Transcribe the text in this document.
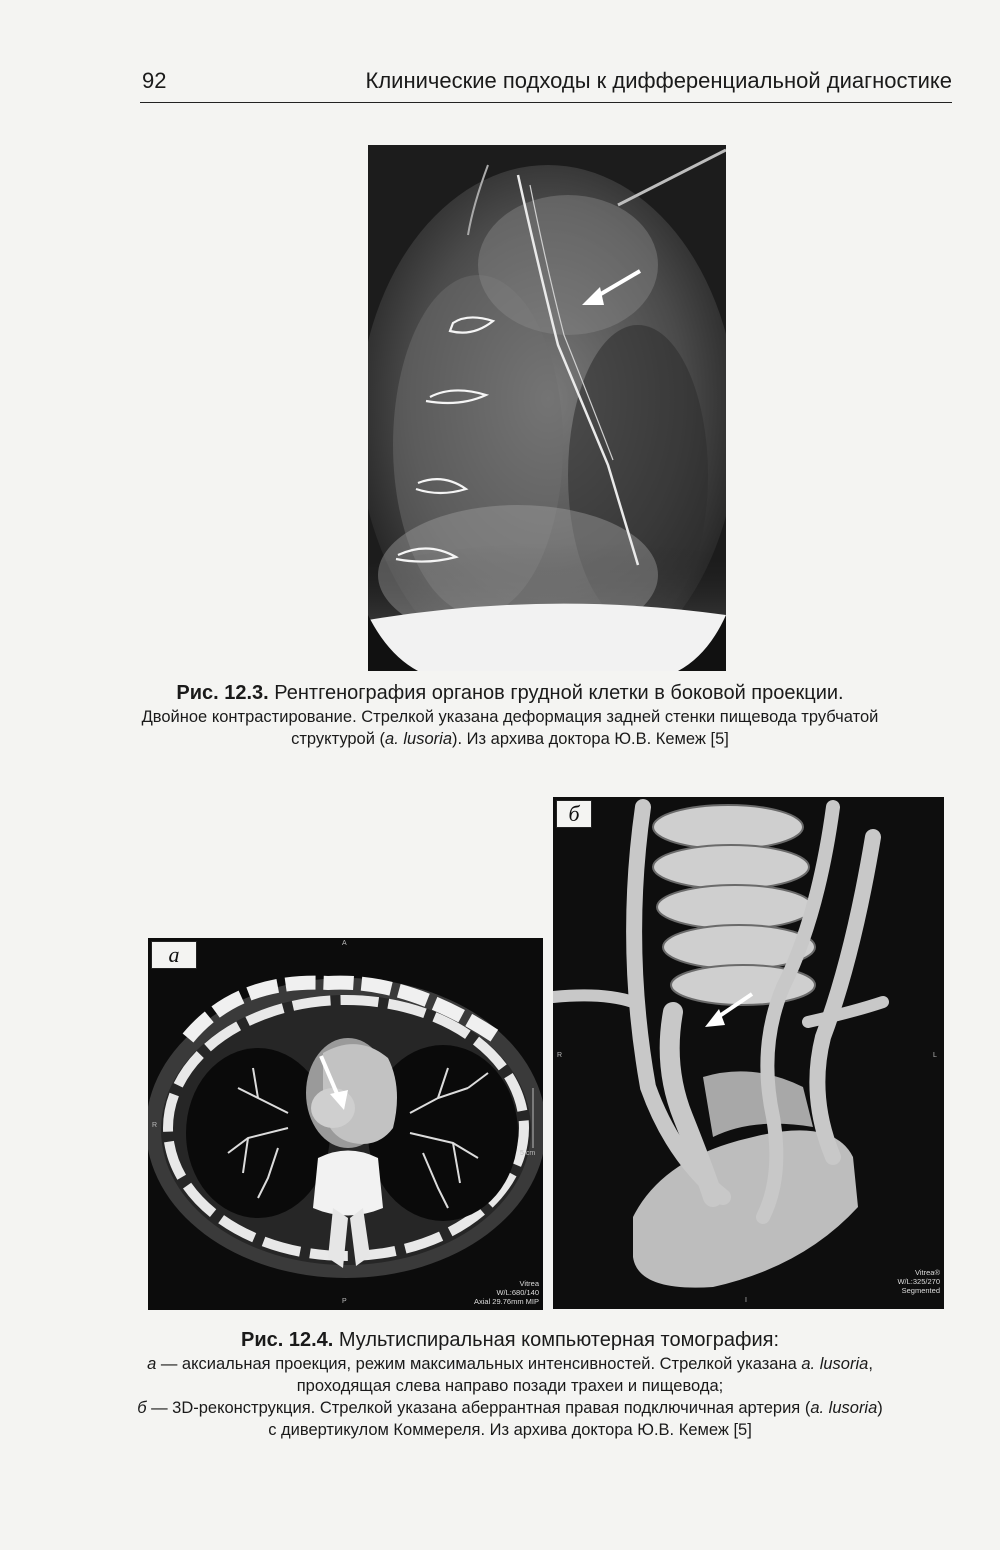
92	Клинические подходы к дифференциальной диагностике
Рис. 12.3. Рентгенография органов грудной клетки в боковой проекции.
Двойное контрастирование. Стрелкой указана деформация задней стенки пищевода трубчатой
структурой (a. lusoria). Из архива доктора Ю.В. Кемеж [5]
а	A
P
R
5 cm
Vitrea
W/L:680/140
Axial 29.76mm MIP
б
R	L
I
Vitrea®
W/L:325/270
Segmented
Рис. 12.4. Мультиспиральная компьютерная томография:
а — аксиальная проекция, режим максимальных интенсивностей. Стрелкой указана a. lusoria,
проходящая слева направо позади трахеи и пищевода;
б — 3D-реконструкция. Стрелкой указана аберрантная правая подключичная артерия (a. lusoria)
с дивертикулом Коммереля. Из архива доктора Ю.В. Кемеж [5]
